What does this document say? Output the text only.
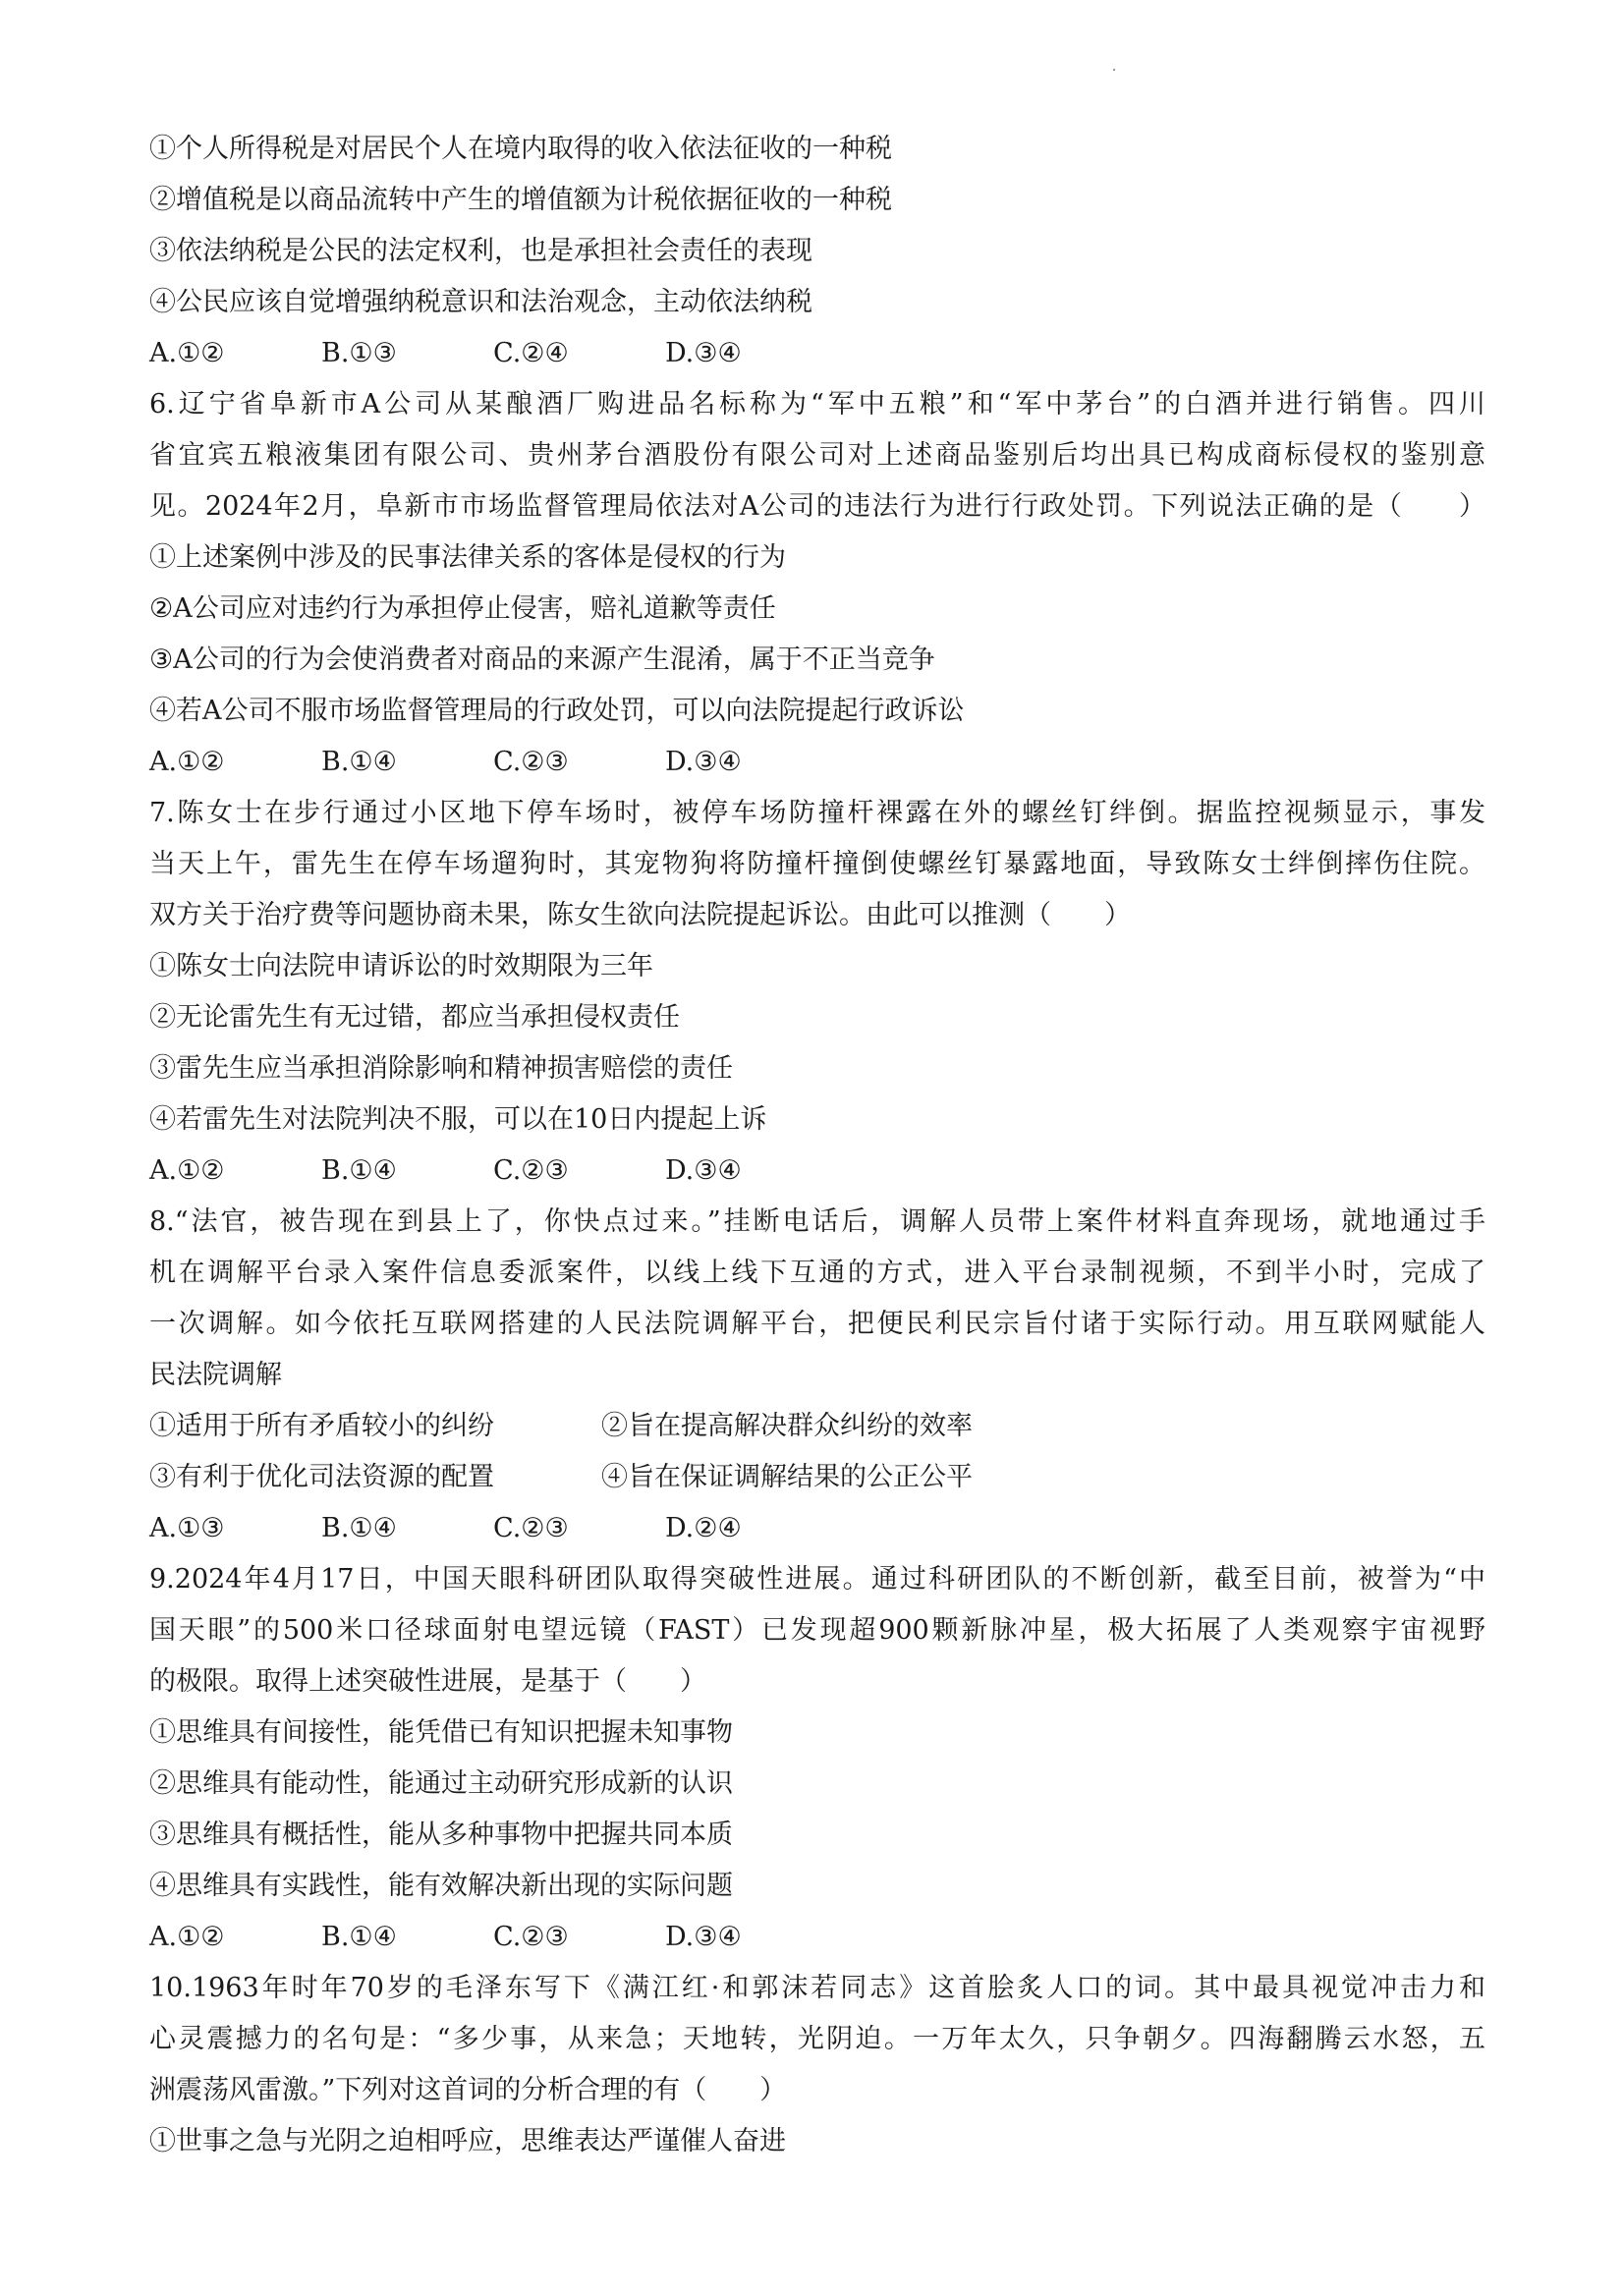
①个人所得税是对居民个人在境内取得的收入依法征收的一种税
②增值税是以商品流转中产生的增值额为计税依据征收的一种税
③依法纳税是公民的法定权利，也是承担社会责任的表现
④公民应该自觉增强纳税意识和法治观念，主动依法纳税
A.①②	B.①③	C.②④	D.③④
6.辽宁省阜新市A公司从某酿酒厂购进品名标称为“军中五粮”和“军中茅台”的白酒并进行销售。四川
省宜宾五粮液集团有限公司、贵州茅台酒股份有限公司对上述商品鉴别后均出具已构成商标侵权的鉴别意
见。2024年2月，阜新市市场监督管理局依法对A公司的违法行为进行行政处罚。下列说法正确的是（　　）
①上述案例中涉及的民事法律关系的客体是侵权的行为
②A公司应对违约行为承担停止侵害，赔礼道歉等责任
③A公司的行为会使消费者对商品的来源产生混淆，属于不正当竞争
④若A公司不服市场监督管理局的行政处罚，可以向法院提起行政诉讼
A.①②	B.①④	C.②③	D.③④
7.陈女士在步行通过小区地下停车场时，被停车场防撞杆裸露在外的螺丝钉绊倒。据监控视频显示，事发
当天上午，雷先生在停车场遛狗时，其宠物狗将防撞杆撞倒使螺丝钉暴露地面，导致陈女士绊倒摔伤住院。
双方关于治疗费等问题协商未果，陈女生欲向法院提起诉讼。由此可以推测（　　）
①陈女士向法院申请诉讼的时效期限为三年
②无论雷先生有无过错，都应当承担侵权责任
③雷先生应当承担消除影响和精神损害赔偿的责任
④若雷先生对法院判决不服，可以在10日内提起上诉
A.①②	B.①④	C.②③	D.③④
8.“法官，被告现在到县上了，你快点过来。”挂断电话后，调解人员带上案件材料直奔现场，就地通过手
机在调解平台录入案件信息委派案件，以线上线下互通的方式，进入平台录制视频，不到半小时，完成了
一次调解。如今依托互联网搭建的人民法院调解平台，把便民利民宗旨付诸于实际行动。用互联网赋能人
民法院调解
①适用于所有矛盾较小的纠纷	②旨在提高解决群众纠纷的效率
③有利于优化司法资源的配置	④旨在保证调解结果的公正公平
A.①③	B.①④	C.②③	D.②④
9.2024年4月17日，中国天眼科研团队取得突破性进展。通过科研团队的不断创新，截至目前，被誉为“中
国天眼”的500米口径球面射电望远镜（FAST）已发现超900颗新脉冲星，极大拓展了人类观察宇宙视野
的极限。取得上述突破性进展，是基于（　　）
①思维具有间接性，能凭借已有知识把握未知事物
②思维具有能动性，能通过主动研究形成新的认识
③思维具有概括性，能从多种事物中把握共同本质
④思维具有实践性，能有效解决新出现的实际问题
A.①②	B.①④	C.②③	D.③④
10.1963年时年70岁的毛泽东写下《满江红·和郭沫若同志》这首脍炙人口的词。其中最具视觉冲击力和
心灵震撼力的名句是：“多少事，从来急；天地转，光阴迫。一万年太久，只争朝夕。四海翻腾云水怒，五
洲震荡风雷激。”下列对这首词的分析合理的有（　　）
①世事之急与光阴之迫相呼应，思维表达严谨催人奋进
